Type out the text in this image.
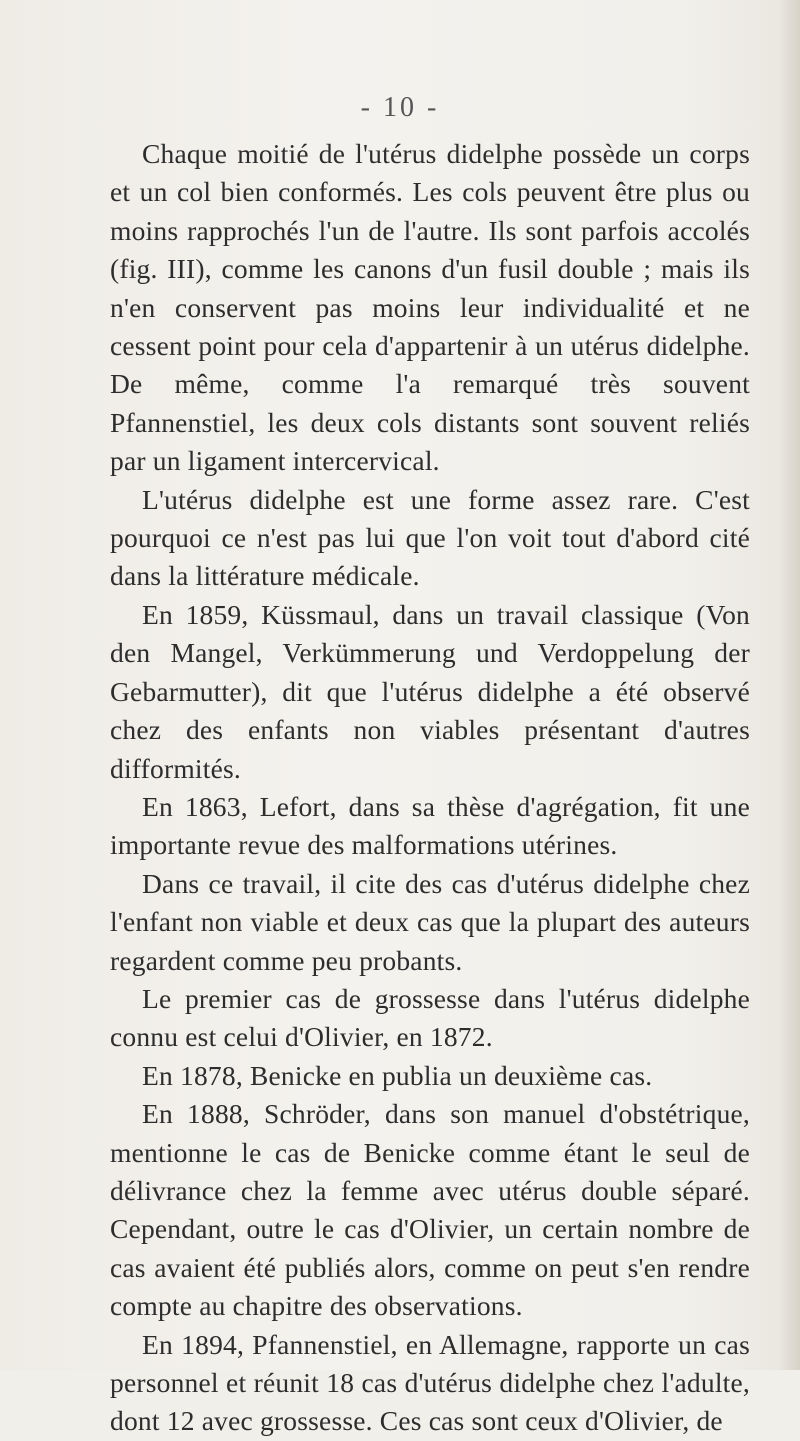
- 10 -

Chaque moitié de l'utérus didelphe possède un corps et un col bien conformés. Les cols peuvent être plus ou moins rapprochés l'un de l'autre. Ils sont parfois accolés (fig. III), comme les canons d'un fusil double ; mais ils n'en conservent pas moins leur individualité et ne cessent point pour cela d'appartenir à un utérus didelphe. De même, comme l'a remarqué très souvent Pfannenstiel, les deux cols distants sont souvent reliés par un ligament intercervical.

L'utérus didelphe est une forme assez rare. C'est pourquoi ce n'est pas lui que l'on voit tout d'abord cité dans la littérature médicale.

En 1859, Küssmaul, dans un travail classique (Von den Mangel, Verkümmerung und Verdoppelung der Gebarmutter), dit que l'utérus didelphe a été observé chez des enfants non viables présentant d'autres difformités.

En 1863, Lefort, dans sa thèse d'agrégation, fit une importante revue des malformations utérines.

Dans ce travail, il cite des cas d'utérus didelphe chez l'enfant non viable et deux cas que la plupart des auteurs regardent comme peu probants.

Le premier cas de grossesse dans l'utérus didelphe connu est celui d'Olivier, en 1872.

En 1878, Benicke en publia un deuxième cas.

En 1888, Schröder, dans son manuel d'obstétrique, mentionne le cas de Benicke comme étant le seul de délivrance chez la femme avec utérus double séparé. Cependant, outre le cas d'Olivier, un certain nombre de cas avaient été publiés alors, comme on peut s'en rendre compte au chapitre des observations.

En 1894, Pfannenstiel, en Allemagne, rapporte un cas personnel et réunit 18 cas d'utérus didelphe chez l'adulte, dont 12 avec grossesse. Ces cas sont ceux d'Olivier, de
